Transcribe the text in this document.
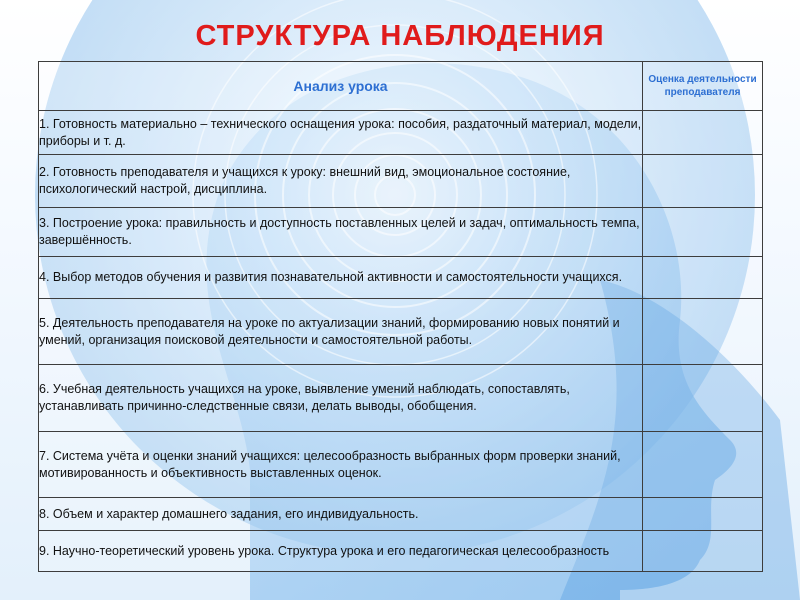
СТРУКТУРА НАБЛЮДЕНИЯ
Анализ урока	Оценка деятельности преподавателя
1. Готовность материально – технического оснащения урока: пособия, раздаточный материал, модели, приборы и т. д.	
2. Готовность преподавателя и учащихся к уроку: внешний вид, эмоциональное состояние, психологический настрой, дисциплина.	
3. Построение урока: правильность и доступность поставленных целей и задач, оптимальность темпа, завершённость.	
4. Выбор методов обучения и развития познавательной активности и самостоятельности учащихся.	
5. Деятельность преподавателя на уроке по актуализации знаний, формированию новых понятий и умений, организация поисковой деятельности и самостоятельной работы.	
6. Учебная деятельность учащихся на уроке, выявление умений наблюдать, сопоставлять, устанавливать причинно-следственные связи, делать выводы, обобщения.	
7. Система учёта и оценки знаний учащихся: целесообразность выбранных форм проверки знаний, мотивированность и объективность выставленных оценок.	
8. Объем и характер домашнего задания, его индивидуальность.	
9. Научно-теоретический уровень урока. Структура урока и его педагогическая целесообразность	
